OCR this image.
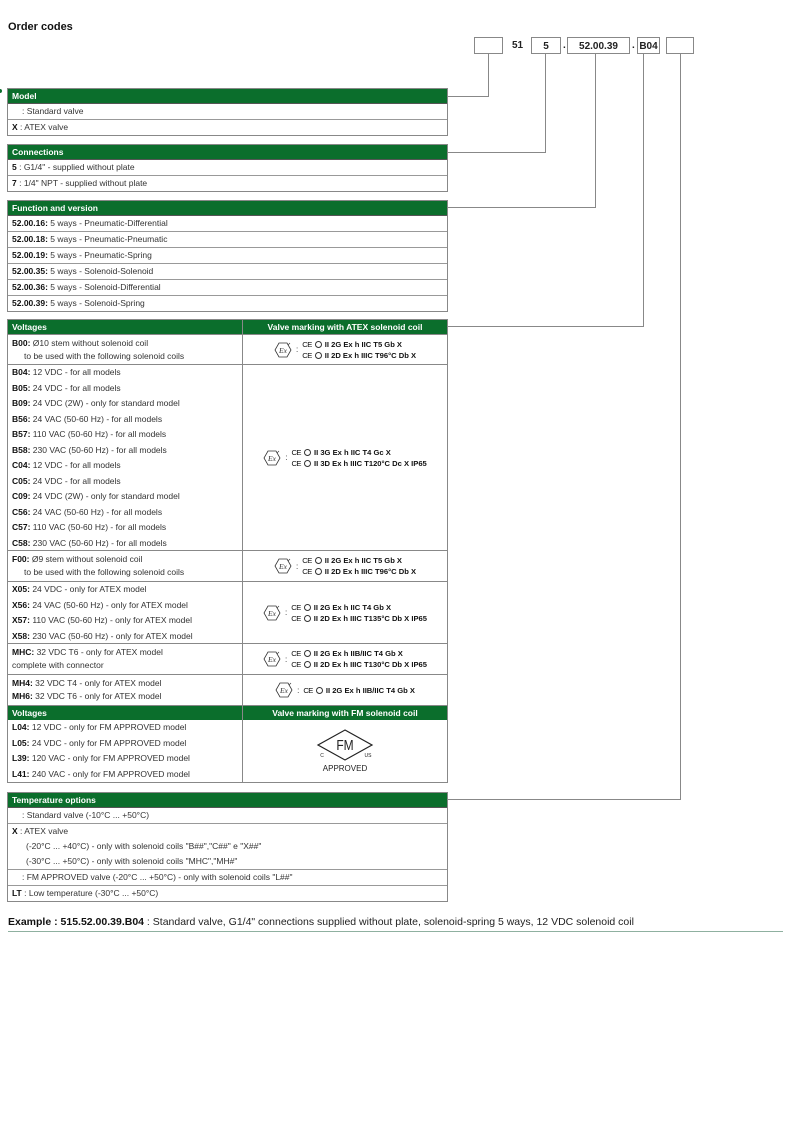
Order codes
51	5	.	52.00.39	. B04
Model
: Standard valve
X : ATEX valve
Connections
5 : G1/4" - supplied without plate
7 : 1/4" NPT - supplied without plate
Function and version
52.00.16: 5 ways - Pneumatic-Differential
52.00.18: 5 ways - Pneumatic-Pneumatic
52.00.19: 5 ways - Pneumatic-Spring
52.00.35: 5 ways - Solenoid-Solenoid
52.00.36: 5 ways - Solenoid-Differential
52.00.39: 5 ways - Solenoid-Spring
Voltages	Valve marking with ATEX solenoid coil
B00: Ø10 stem without solenoid coil
to be used with the following solenoid coils
Ex :
CE II 2G Ex h IIC T5 Gb X
CE II 2D Ex h IIIC T96°C Db X
B04: 12 VDC - for all models
B05: 24 VDC - for all models
B09: 24 VDC (2W) - only for standard model
B56: 24 VAC (50-60 Hz) - for all models
B57: 110 VAC (50-60 Hz) - for all models
B58: 230 VAC (50-60 Hz) - for all models
C04: 12 VDC - for all models
C05: 24 VDC - for all models
C09: 24 VDC (2W) - only for standard model
C56: 24 VAC (50-60 Hz) - for all models
C57: 110 VAC (50-60 Hz) - for all models
C58: 230 VAC (50-60 Hz) - for all models
Ex :
CE II 3G Ex h IIC T4 Gc X
CE II 3D Ex h IIIC T120°C Dc X IP65
F00: Ø9 stem without solenoid coil
to be used with the following solenoid coils
Ex :
CE II 2G Ex h IIC T5 Gb X
CE II 2D Ex h IIIC T96°C Db X
X05: 24 VDC - only for ATEX model
X56: 24 VAC (50-60 Hz) - only for ATEX model
X57: 110 VAC (50-60 Hz) - only for ATEX model
X58: 230 VAC (50-60 Hz) - only for ATEX model
Ex :
CE II 2G Ex h IIC T4 Gb X
CE II 2D Ex h IIIC T135°C Db X IP65
MHC: 32 VDC T6 - only for ATEX model
complete with connector
Ex :
CE II 2G Ex h IIB/IIC T4 Gb X
CE II 2D Ex h IIIC T130°C Db X IP65
MH4: 32 VDC T4 - only for ATEX model
MH6: 32 VDC T6 - only for ATEX model
Ex : CE II 2G Ex h IIB/IIC T4 Gb X
Voltages	Valve marking with FM solenoid coil
L04: 12 VDC - only for FM APPROVED model
L05: 24 VDC - only for FM APPROVED model
L39: 120 VAC - only for FM APPROVED model
L41: 240 VAC - only for FM APPROVED model
FM
C	US
APPROVED
Temperature options
: Standard valve (-10°C ... +50°C)
X : ATEX valve
(-20°C ... +40°C) - only with solenoid coils "B##","C##" e "X##"
(-30°C ... +50°C) - only with solenoid coils "MHC","MH#"
: FM APPROVED valve (-20°C ... +50°C) - only with solenoid coils "L##"
LT : Low temperature (-30°C ... +50°C)
Example : 515.52.00.39.B04 : Standard valve, G1/4" connections supplied without plate, solenoid-spring 5 ways, 12 VDC solenoid coil
